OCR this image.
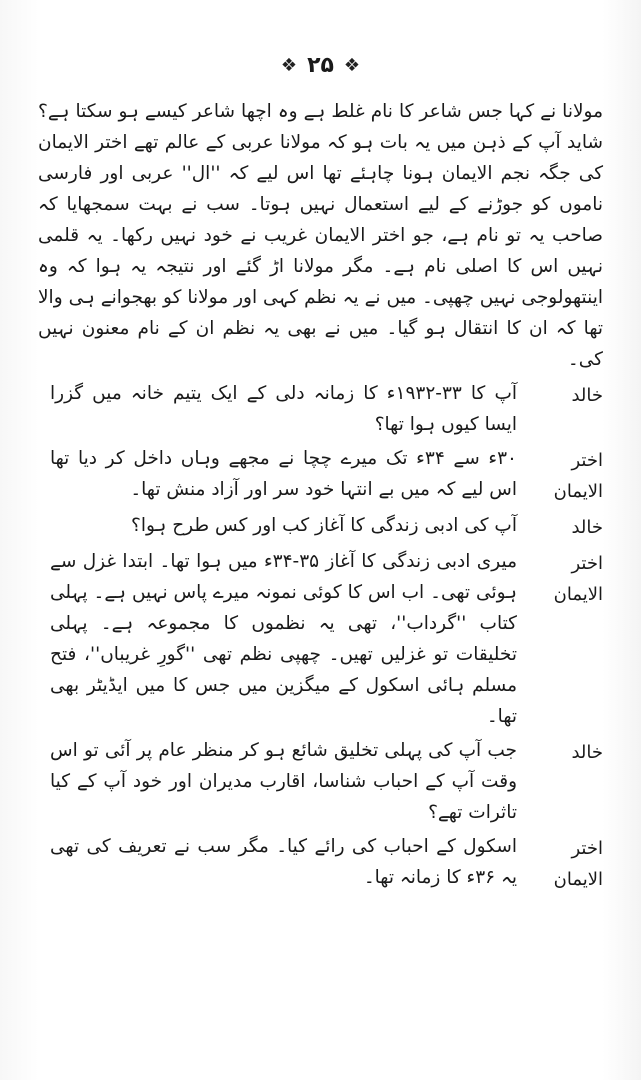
❖ ۲۵ ❖
مولانا نے کہا جس شاعر کا نام غلط ہے وہ اچھا شاعر کیسے ہو سکتا ہے؟ شاید آپ کے ذہن میں یہ بات ہو کہ مولانا عربی کے عالم تھے اختر الایمان کی جگہ نجم الایمان ہونا چاہئے تھا اس لیے کہ ''ال'' عربی اور فارسی ناموں کو جوڑنے کے لیے استعمال نہیں ہوتا۔ سب نے بہت سمجھایا کہ صاحب یہ تو نام ہے، جو اختر الایمان غریب نے خود نہیں رکھا۔ یہ قلمی نہیں اس کا اصلی نام ہے۔ مگر مولانا اڑ گئے اور نتیجہ یہ ہوا کہ وہ اینتھولوجی نہیں چھپی۔ میں نے یہ نظم کہی اور مولانا کو بھجوانے ہی والا تھا کہ ان کا انتقال ہو گیا۔ میں نے بھی یہ نظم ان کے نام معنون نہیں کی۔
خالد
آپ کا ۳۳-۱۹۳۲ء کا زمانہ دلی کے ایک یتیم خانہ میں گزرا ایسا کیوں ہوا تھا؟
اختر الایمان
۳۰ء سے ۳۴ء تک میرے چچا نے مجھے وہاں داخل کر دیا تھا اس لیے کہ میں بے انتہا خود سر اور آزاد منش تھا۔
خالد
آپ کی ادبی زندگی کا آغاز کب اور کس طرح ہوا؟
اختر الایمان
میری ادبی زندگی کا آغاز ۳۵-۳۴ء میں ہوا تھا۔ ابتدا غزل سے ہوئی تھی۔ اب اس کا کوئی نمونہ میرے پاس نہیں ہے۔ پہلی کتاب ''گرداب''، تھی یہ نظموں کا مجموعہ ہے۔ پہلی تخلیقات تو غزلیں تھیں۔ چھپی نظم تھی ''گورِ غریباں''، فتح مسلم ہائی اسکول کے میگزین میں جس کا میں ایڈیٹر بھی تھا۔
خالد
جب آپ کی پہلی تخلیق شائع ہو کر منظر عام پر آئی تو اس وقت آپ کے احباب شناسا، اقارب مدیران اور خود آپ کے کیا تاثرات تھے؟
اختر الایمان
اسکول کے احباب کی رائے کیا۔ مگر سب نے تعریف کی تھی یہ ۳۶ء کا زمانہ تھا۔
